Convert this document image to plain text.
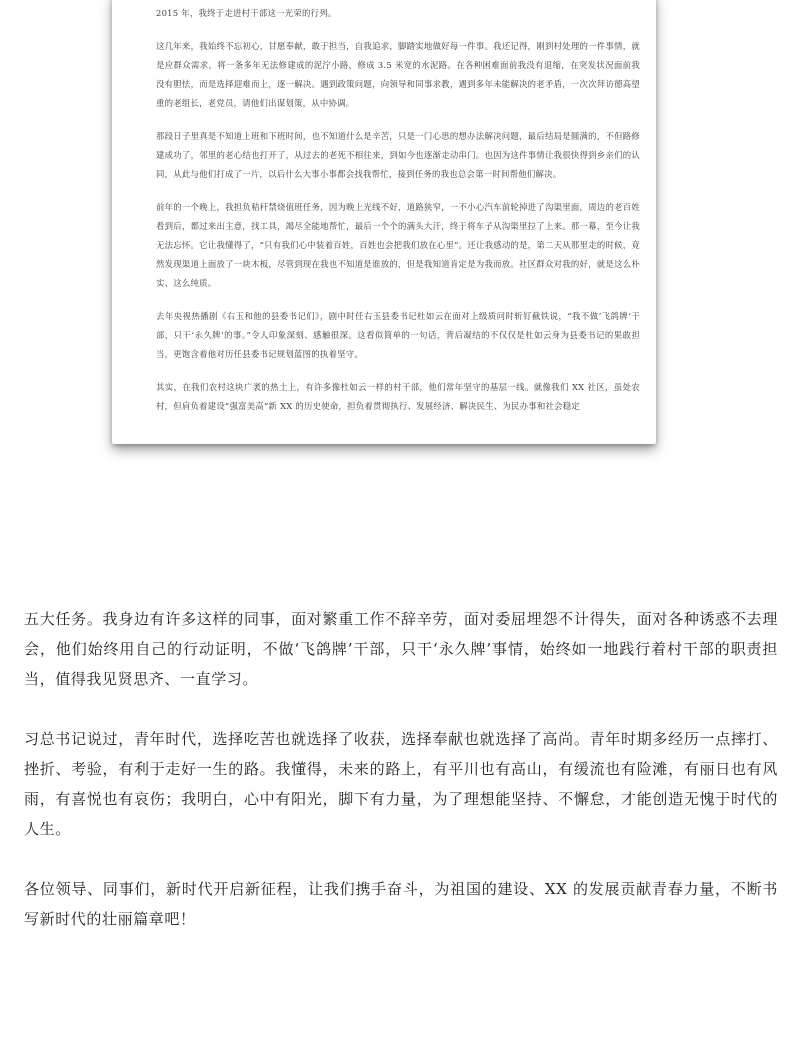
2015 年，我终于走进村干部这一光荣的行列。

这几年来，我始终不忘初心，甘愿奉献，敢于担当，自我追求，脚踏实地做好每一件事。我还记得，刚到村处理的一件事情，就是应群众需求，将一条多年无法修建成的泥泞小路，修成 3.5 米宽的水泥路。在各种困难面前我没有退缩，在突发状况面前我没有胆怯，而是选择迎难而上，逐一解决。遇到政策问题，向领导和同事求教，遇到多年未能解决的老矛盾，一次次拜访德高望重的老组长，老党员，请他们出谋划策，从中协调。

那段日子里真是不知道上班和下班时间，也不知道什么是辛苦，只是一门心思的想办法解决问题，最后结局是圆满的，不但路修建成功了，邻里的老心结也打开了，从过去的老死不相往来，到如今也逐渐走动串门。也因为这件事情让我很快得到乡亲们的认同，从此与他们打成了一片，以后什么大事小事都会找我帮忙，接到任务的我也总会第一时间帮他们解决。

前年的一个晚上，我担负秸秆禁烧值班任务，因为晚上光线不好，道路狭窄，一不小心汽车前轮掉进了沟渠里面，周边的老百姓看到后，都过来出主意，找工具，竭尽全能地帮忙，最后一个个的满头大汗，终于将车子从沟渠里拉了上来。那一幕，至今让我无法忘怀。它让我懂得了，“只有我们心中装着百姓，百姓也会把我们放在心里”。还让我感动的是，第二天从那里走的时候，竟然发现渠道上面放了一块木板，尽管到现在我也不知道是谁放的，但是我知道肯定是为我而放。社区群众对我的好，就是这么朴实、这么纯质。

去年央视热播剧《右玉和他的县委书记们》，剧中时任右玉县委书记杜如云在面对上级质问时斩钉截铁说，“我不做‘飞鸽牌’干部，只干‘永久牌’的事。”令人印象深刻、感触很深。这看似简单的一句话，背后凝结的不仅仅是杜如云身为县委书记的果敢担当，更饱含着他对历任县委书记规划蓝图的执着坚守。

其实，在我们农村这块广袤的热土上，有许多像杜如云一样的村干部，他们常年坚守的基层一线。就像我们 XX 社区，虽处农村，但肩负着建设“强富美高”新 XX 的历史使命，担负着贯彻执行、发展经济、解决民生、为民办事和社会稳定

五大任务。我身边有许多这样的同事，面对繁重工作不辞辛劳，面对委屈埋怨不计得失，面对各种诱惑不去理会，他们始终用自己的行动证明，不做‘飞鸽牌’干部，只干‘永久牌’事情，始终如一地践行着村干部的职责担当，值得我见贤思齐、一直学习。

习总书记说过，青年时代，选择吃苦也就选择了收获，选择奉献也就选择了高尚。青年时期多经历一点摔打、挫折、考验，有利于走好一生的路。我懂得，未来的路上，有平川也有高山，有缓流也有险滩，有丽日也有风雨，有喜悦也有哀伤；我明白，心中有阳光，脚下有力量，为了理想能坚持、不懈怠，才能创造无愧于时代的人生。

各位领导、同事们，新时代开启新征程，让我们携手奋斗，为祖国的建设、XX 的发展贡献青春力量，不断书写新时代的壮丽篇章吧！
